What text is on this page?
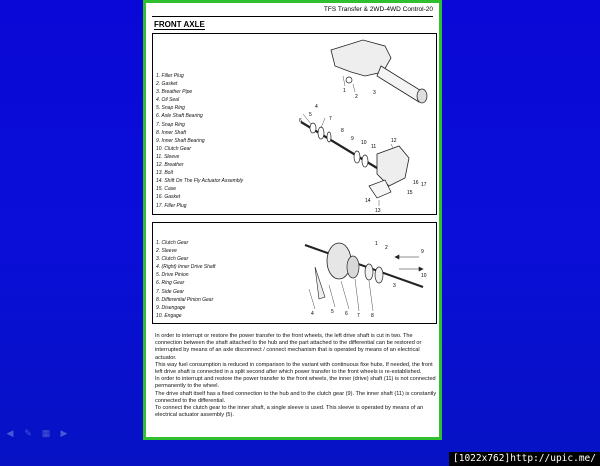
TFS Transfer & 2WD-4WD Control-20
FRONT AXLE
1. Filler Plug
2. Gasket
3. Breather Pipe
4. Oil Seal
5. Snap Ring
6. Axle Shaft Bearing
7. Snap Ring
8. Inner Shaft
9. Inner Shaft Bearing
10. Clutch Gear
11. Sleeve
12. Breather
13. Bolt
14. Shift On The Fly Actuator Assembly
15. Case
16. Gasket
17. Filler Plug
1
2
3
4
5
6	7
8
9
10
11
12
13
14
15
16 17
1. Clutch Gear
2. Sleeve
3. Clutch Gear
4. (Right) Inner Drive Shaft
5. Drive Pinion
6. Ring Gear
7. Side Gear
8. Differential Pinion Gear
9. Disengage
10. Engage
1
2
3
4	5 6 7 8
9
10

In order to interrupt or restore the power transfer to the front wheels, the left drive shaft is cut in two. The connection between the shaft attached to the hub and the part attached to the differential can be restored or interrupted by means of an axle disconnect / connect mechanism that is operated by means of an electrical actuator.

This way fuel consumption is reduced in comparison to the variant with continuous fixe hubs. If needed, the front left drive shaft is connected in a split second after which power transfer to the front wheels is re-established.

In order to interrupt and restore the power transfer to the front wheels, the inner (drive) shaft (11) is not connected permanently to the wheel.

The drive shaft itself has a fixed connection to the hub and to the clutch gear (9). The inner shaft (11) is constantly connected to the differential.

To connect the clutch gear to the inner shaft, a single sleeve is used. This sleeve is operated by means of an electrical actuator assembly (5).

◀ ✎ ▦ ▶
[1022x762]http://upic.me/
